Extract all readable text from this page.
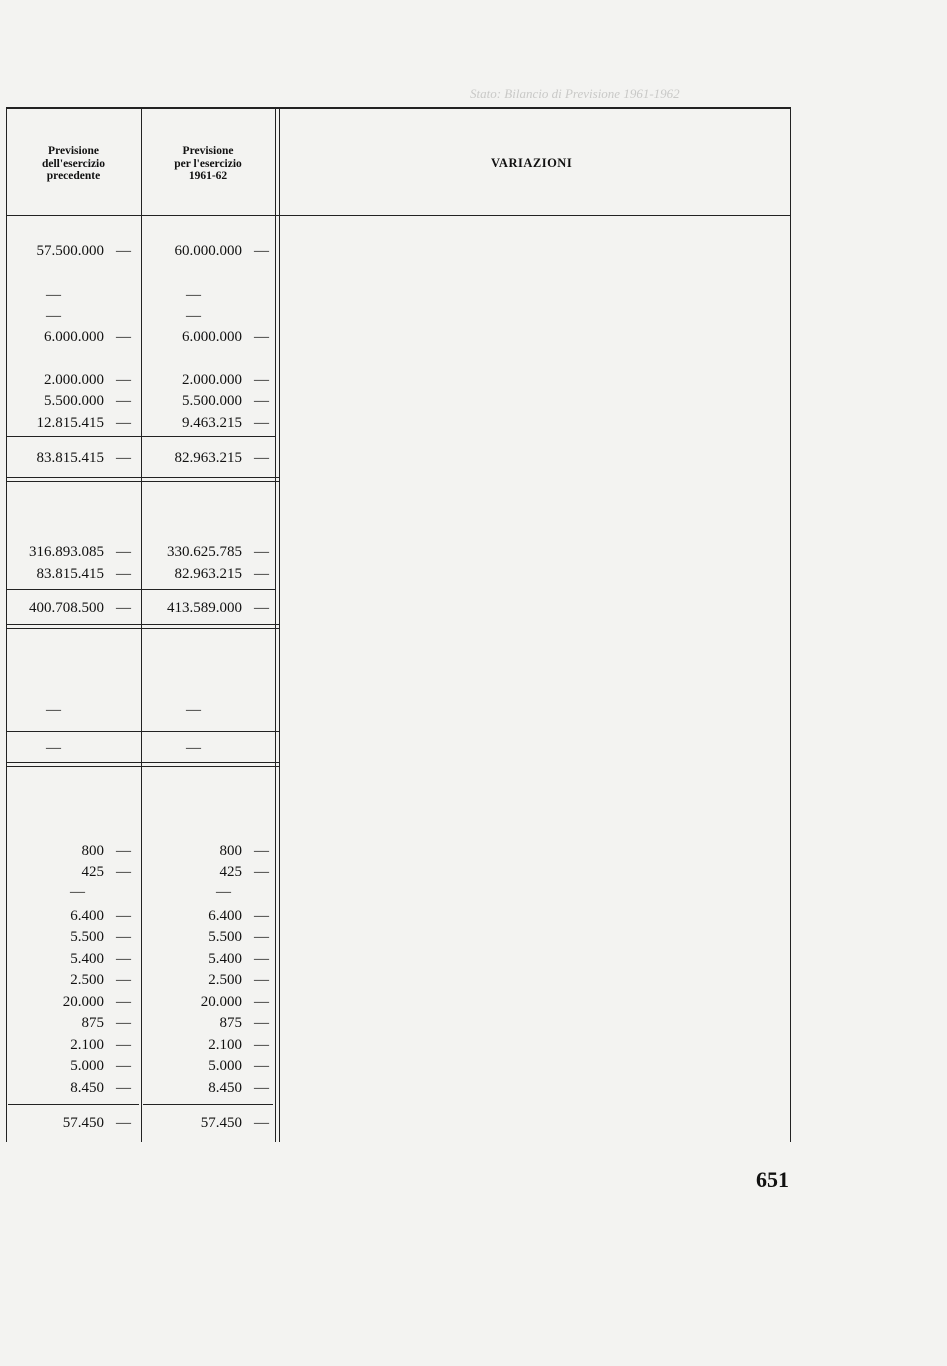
Stato: Bilancio di Previsione 1961-1962
Previsione
dell'esercizio
precedente
Previsione
per l'esercizio
1961-62
VARIAZIONI
57.500.000 —	60.000.000 —
—	—
—	—
6.000.000 —	6.000.000 —
2.000.000 —	2.000.000 —
5.500.000 —	5.500.000 —
12.815.415 —	9.463.215 —
83.815.415 —	82.963.215 —
316.893.085 —	330.625.785 —
83.815.415 —	82.963.215 —
400.708.500 —	413.589.000 —
—	—
—	—
800 —	800 —
425 —	425 —
—	—
6.400 —	6.400 —
5.500 —	5.500 —
5.400 —	5.400 —
2.500 —	2.500 —
20.000 —	20.000 —
875 —	875 —
2.100 —	2.100 —
5.000 —	5.000 —
8.450 —	8.450 —
57.450 —	57.450 —
651
